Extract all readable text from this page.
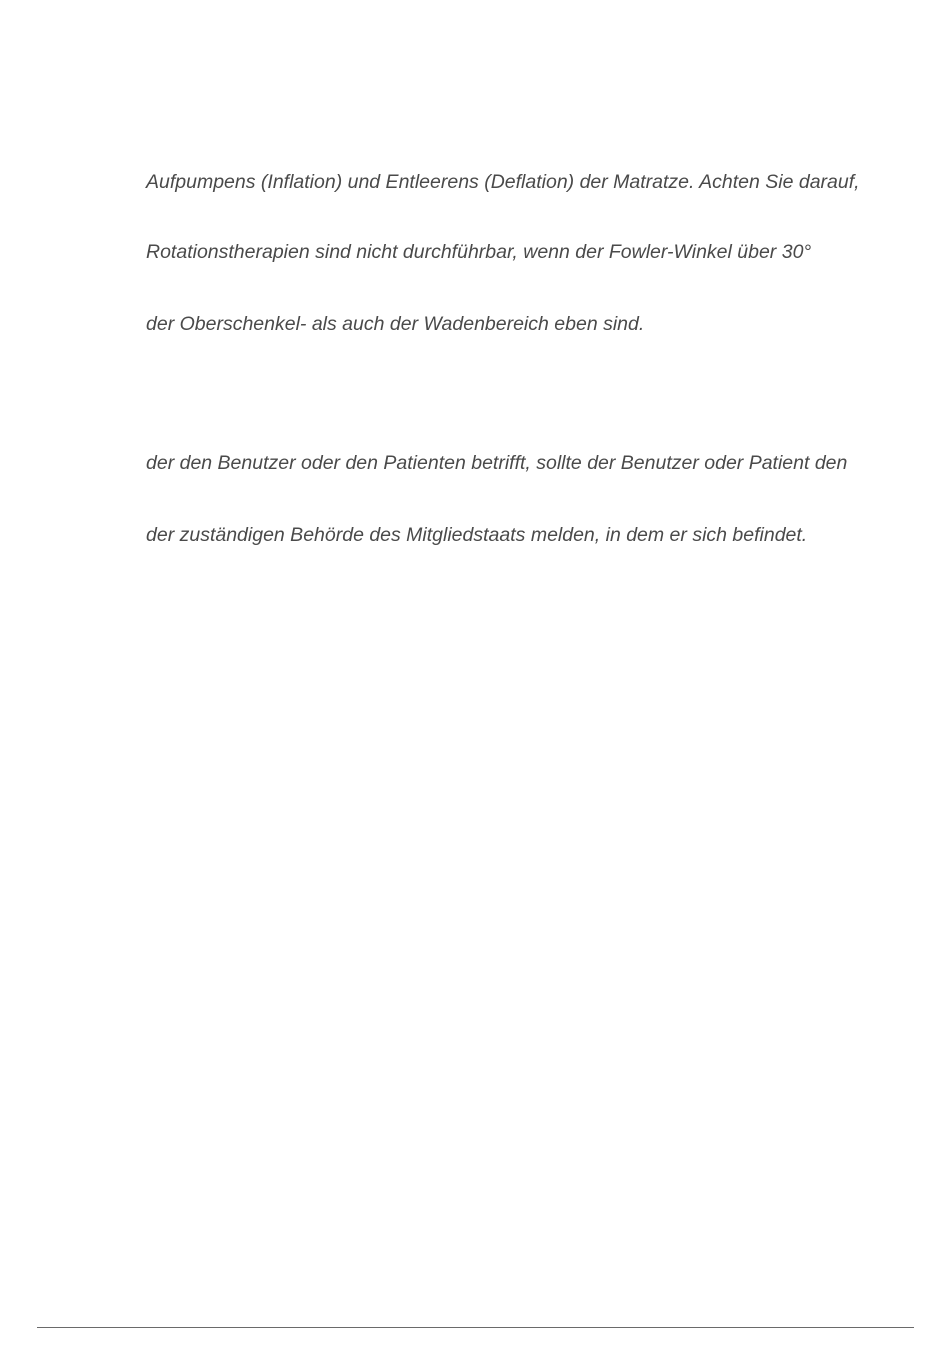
Aufpumpens (Inflation) und Entleerens (Deflation) der Matratze. Achten Sie darauf,
Rotationstherapien sind nicht durchführbar, wenn der Fowler-Winkel über 30°
der Oberschenkel- als auch der Wadenbereich eben sind.
der den Benutzer oder den Patienten betrifft, sollte der Benutzer oder Patient den
der zuständigen Behörde des Mitgliedstaats melden, in dem er sich befindet.
